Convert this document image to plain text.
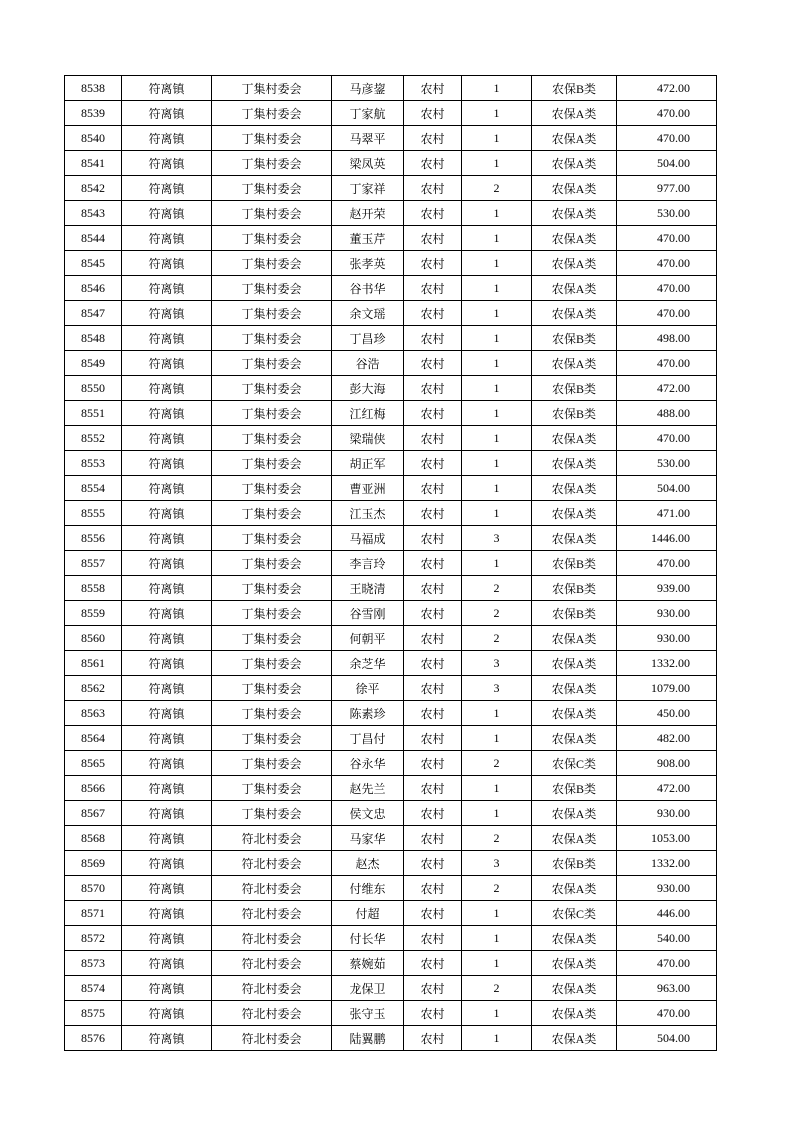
8538	符离镇	丁集村委会	马彦鋆	农村	1	农保B类	472.00
8539	符离镇	丁集村委会	丁家航	农村	1	农保A类	470.00
8540	符离镇	丁集村委会	马翠平	农村	1	农保A类	470.00
8541	符离镇	丁集村委会	梁凤英	农村	1	农保A类	504.00
8542	符离镇	丁集村委会	丁家祥	农村	2	农保A类	977.00
8543	符离镇	丁集村委会	赵开荣	农村	1	农保A类	530.00
8544	符离镇	丁集村委会	董玉芹	农村	1	农保A类	470.00
8545	符离镇	丁集村委会	张孝英	农村	1	农保A类	470.00
8546	符离镇	丁集村委会	谷书华	农村	1	农保A类	470.00
8547	符离镇	丁集村委会	余文瑶	农村	1	农保A类	470.00
8548	符离镇	丁集村委会	丁昌珍	农村	1	农保B类	498.00
8549	符离镇	丁集村委会	谷浩	农村	1	农保A类	470.00
8550	符离镇	丁集村委会	彭大海	农村	1	农保B类	472.00
8551	符离镇	丁集村委会	江红梅	农村	1	农保B类	488.00
8552	符离镇	丁集村委会	梁瑞侠	农村	1	农保A类	470.00
8553	符离镇	丁集村委会	胡正军	农村	1	农保A类	530.00
8554	符离镇	丁集村委会	曹亚洲	农村	1	农保A类	504.00
8555	符离镇	丁集村委会	江玉杰	农村	1	农保A类	471.00
8556	符离镇	丁集村委会	马福成	农村	3	农保A类	1446.00
8557	符离镇	丁集村委会	李言玲	农村	1	农保B类	470.00
8558	符离镇	丁集村委会	王晓清	农村	2	农保B类	939.00
8559	符离镇	丁集村委会	谷雪刚	农村	2	农保B类	930.00
8560	符离镇	丁集村委会	何朝平	农村	2	农保A类	930.00
8561	符离镇	丁集村委会	余芝华	农村	3	农保A类	1332.00
8562	符离镇	丁集村委会	徐平	农村	3	农保A类	1079.00
8563	符离镇	丁集村委会	陈素珍	农村	1	农保A类	450.00
8564	符离镇	丁集村委会	丁昌付	农村	1	农保A类	482.00
8565	符离镇	丁集村委会	谷永华	农村	2	农保C类	908.00
8566	符离镇	丁集村委会	赵先兰	农村	1	农保B类	472.00
8567	符离镇	丁集村委会	侯文忠	农村	1	农保A类	930.00
8568	符离镇	符北村委会	马家华	农村	2	农保A类	1053.00
8569	符离镇	符北村委会	赵杰	农村	3	农保B类	1332.00
8570	符离镇	符北村委会	付维东	农村	2	农保A类	930.00
8571	符离镇	符北村委会	付超	农村	1	农保C类	446.00
8572	符离镇	符北村委会	付长华	农村	1	农保A类	540.00
8573	符离镇	符北村委会	蔡婉茹	农村	1	农保A类	470.00
8574	符离镇	符北村委会	龙保卫	农村	2	农保A类	963.00
8575	符离镇	符北村委会	张守玉	农村	1	农保A类	470.00
8576	符离镇	符北村委会	陆翼鹏	农村	1	农保A类	504.00
